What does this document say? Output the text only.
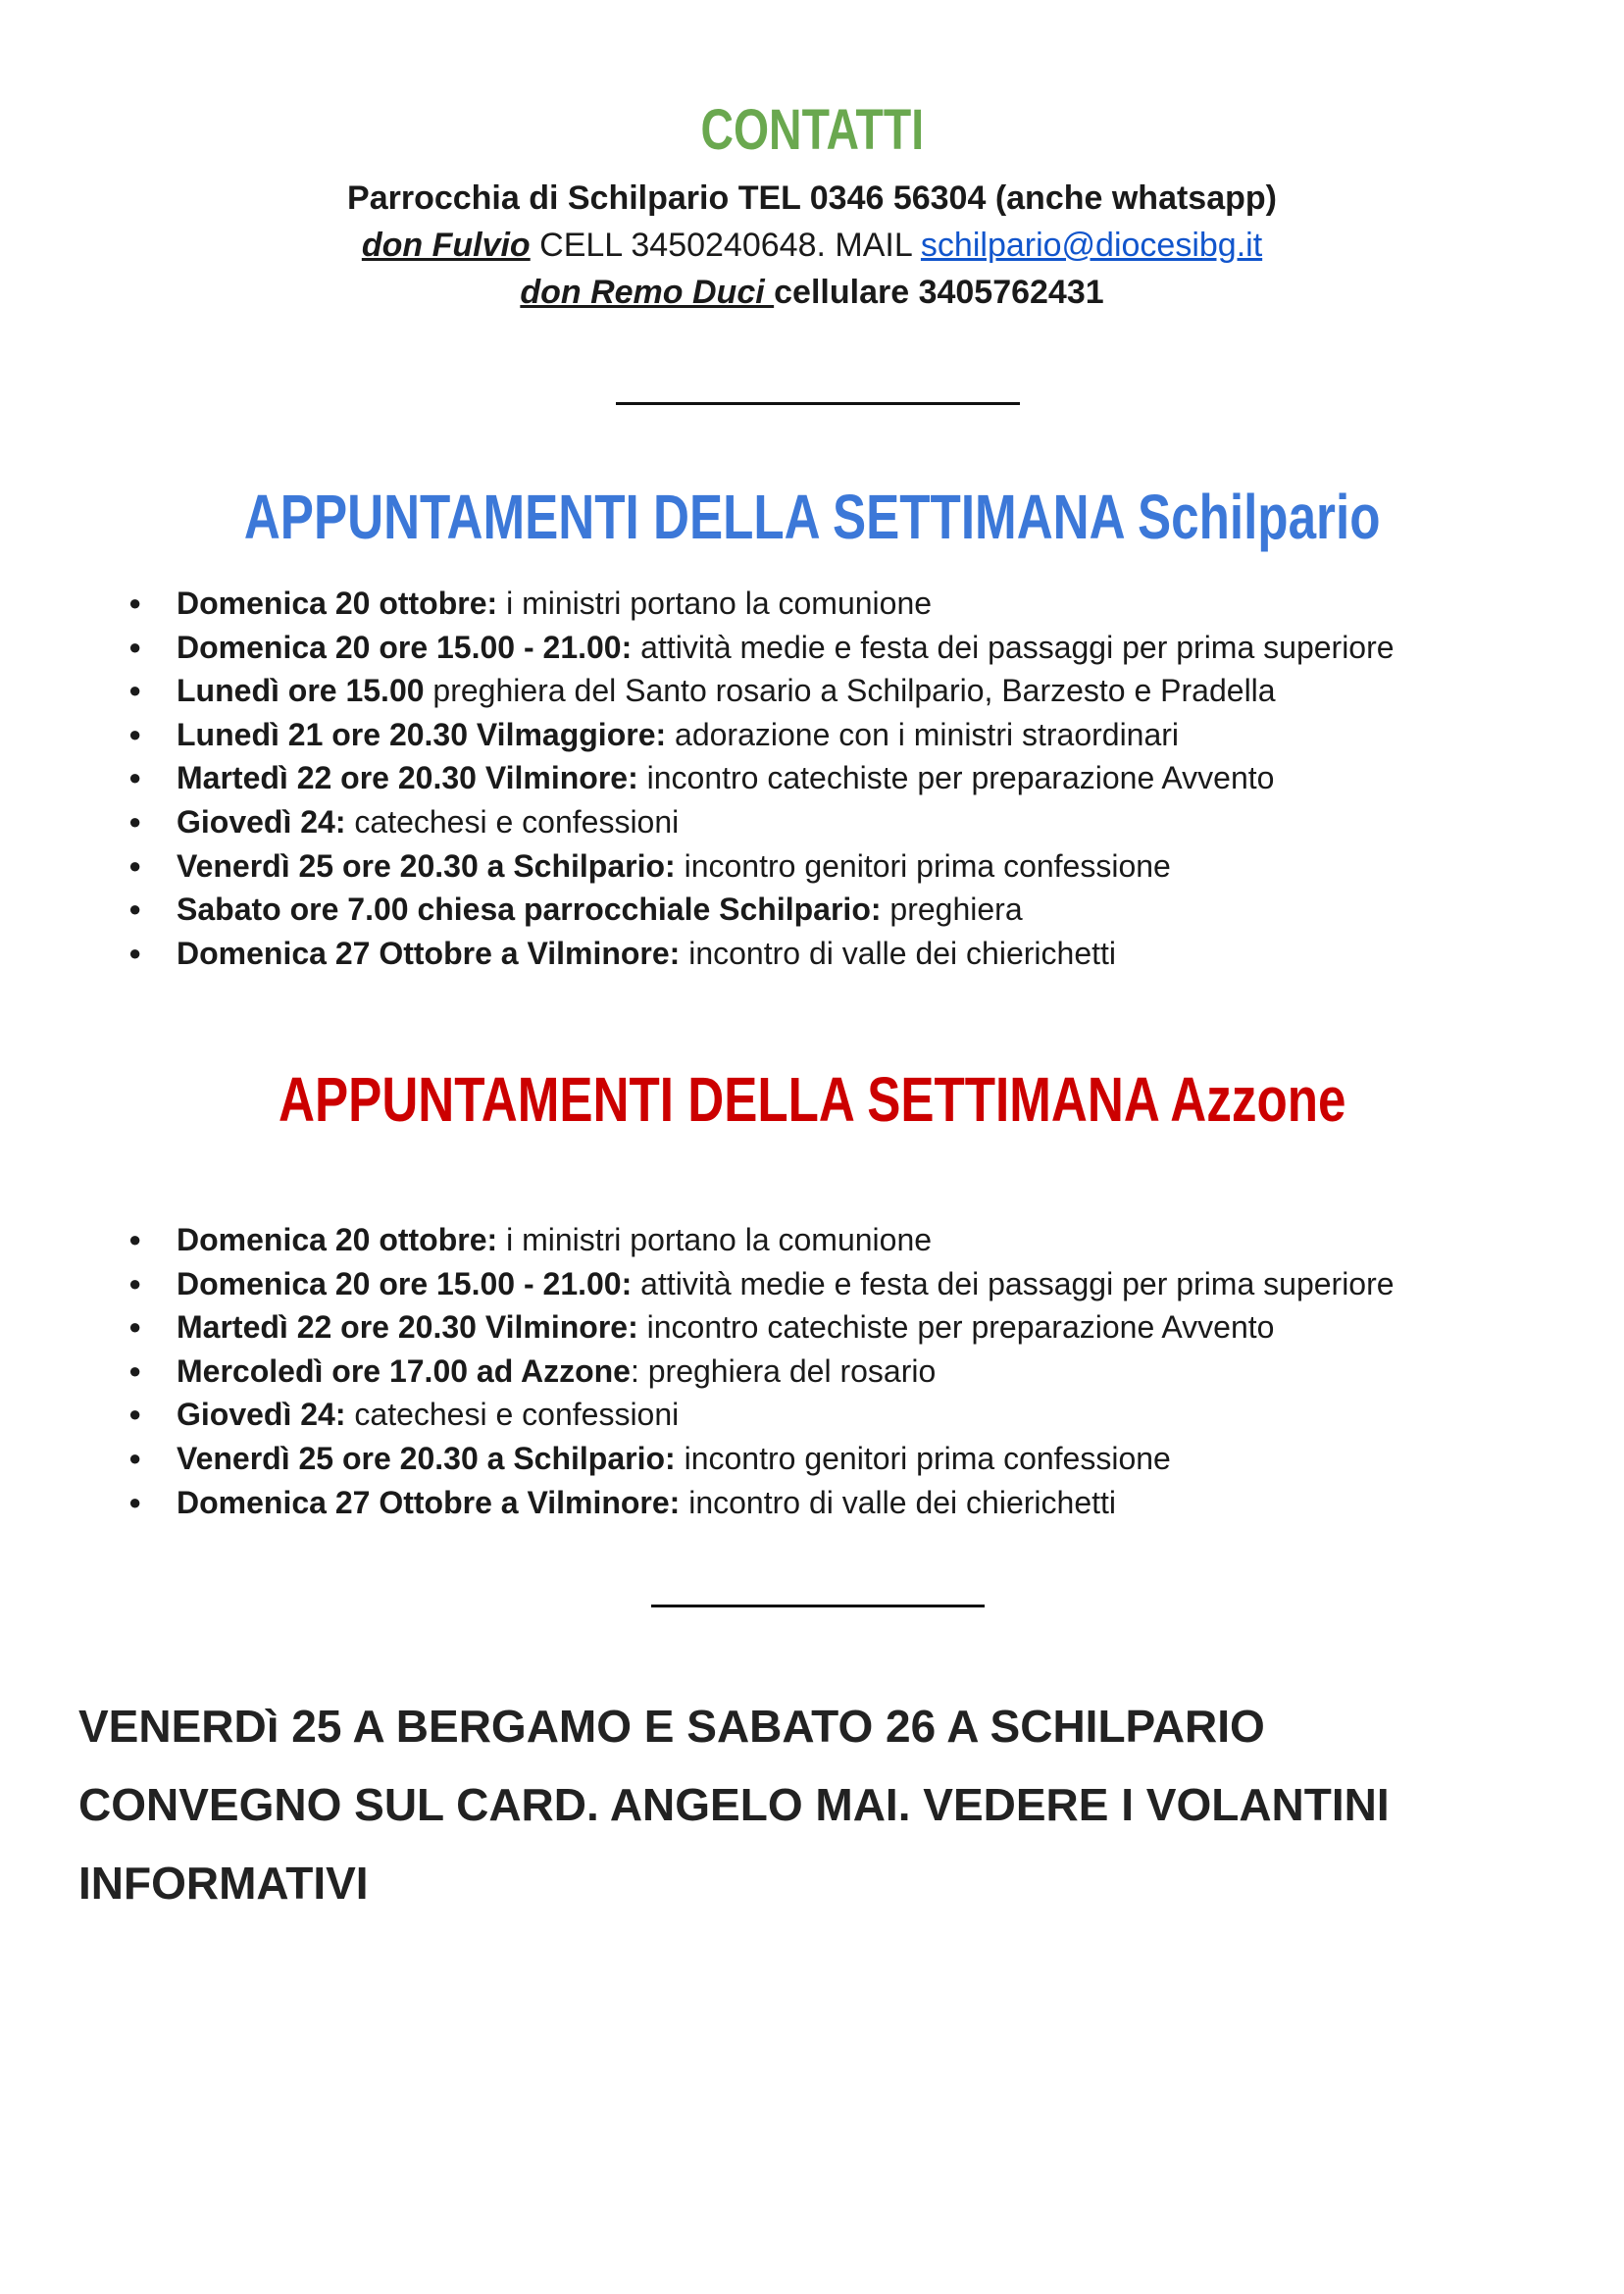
CONTATTI

Parrocchia di Schilpario TEL 0346 56304 (anche whatsapp)

don Fulvio CELL 3450240648. MAIL schilpario@diocesibg.it

don Remo Duci cellulare 3405762431

APPUNTAMENTI DELLA SETTIMANA Schilpario
● Domenica 20 ottobre: i ministri portano la comunione
● Domenica 20 ore 15.00 - 21.00: attività medie e festa dei passaggi per prima superiore
● Lunedì ore 15.00 preghiera del Santo rosario a Schilpario, Barzesto e Pradella
● Lunedì 21 ore 20.30 Vilmaggiore: adorazione con i ministri straordinari
● Martedì 22 ore 20.30 Vilminore: incontro catechiste per preparazione Avvento
● Giovedì 24: catechesi e confessioni
● Venerdì 25 ore 20.30 a Schilpario: incontro genitori prima confessione
● Sabato ore 7.00 chiesa parrocchiale Schilpario: preghiera
● Domenica 27 Ottobre a Vilminore: incontro di valle dei chierichetti
APPUNTAMENTI DELLA SETTIMANA Azzone
● Domenica 20 ottobre: i ministri portano la comunione
● Domenica 20 ore 15.00 - 21.00: attività medie e festa dei passaggi per prima superiore
● Martedì 22 ore 20.30 Vilminore: incontro catechiste per preparazione Avvento
● Mercoledì ore 17.00 ad Azzone: preghiera del rosario
● Giovedì 24: catechesi e confessioni
● Venerdì 25 ore 20.30 a Schilpario: incontro genitori prima confessione
● Domenica 27 Ottobre a Vilminore: incontro di valle dei chierichetti
VENERDì 25 A BERGAMO E SABATO 26 A SCHILPARIO
CONVEGNO SUL CARD. ANGELO MAI. VEDERE I VOLANTINI
INFORMATIVI
